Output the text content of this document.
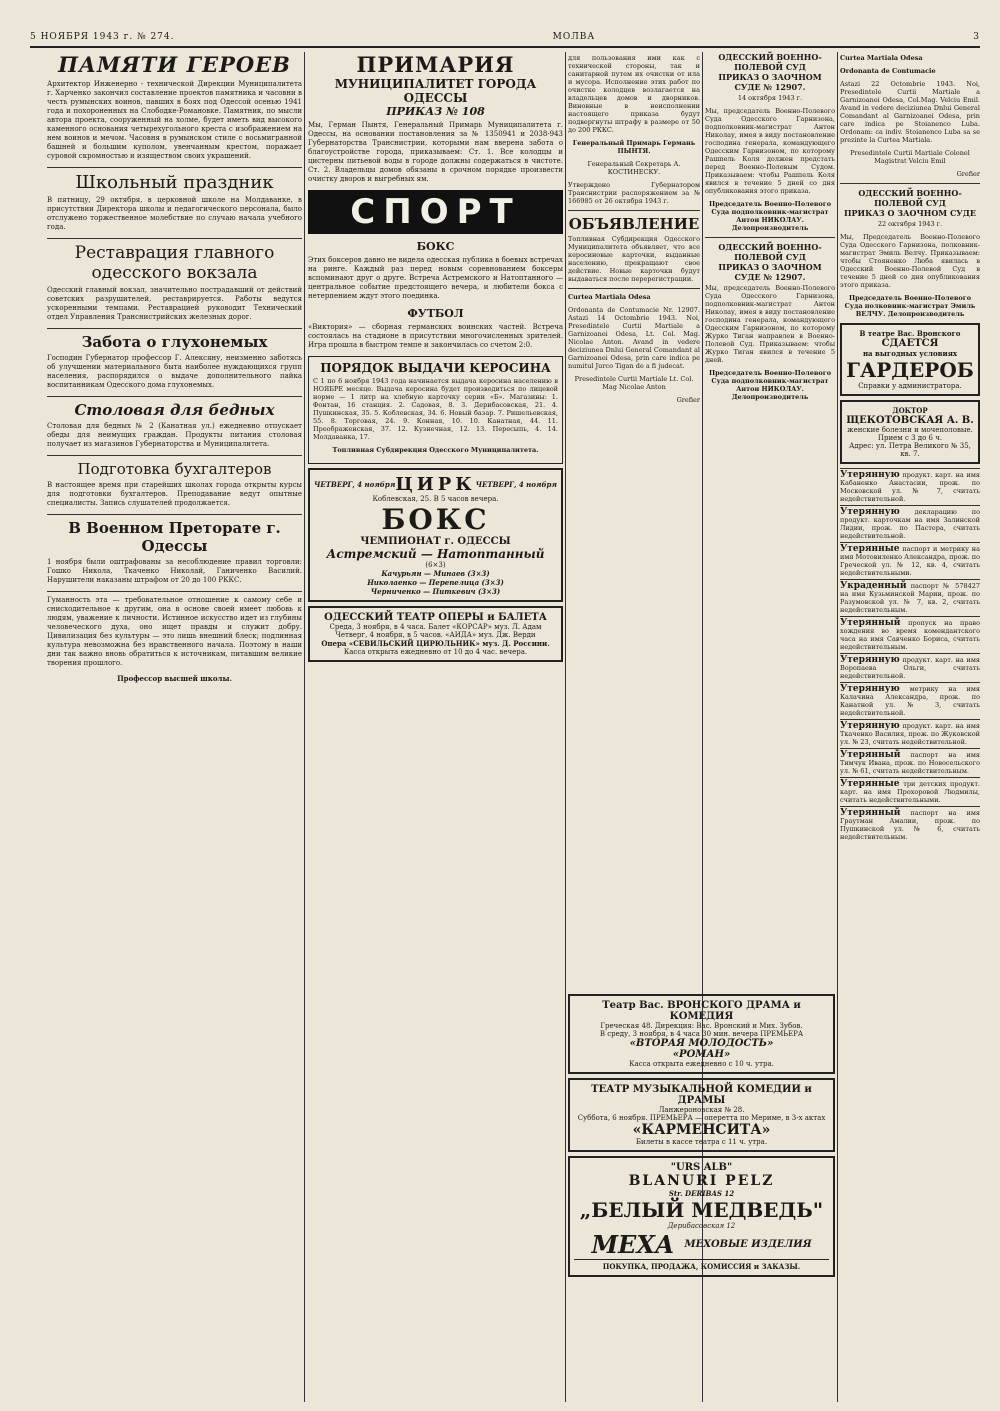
5 НОЯБРЯ 1943 г. № 274.	МОЛВА	3
ПАМЯТИ ГЕРОЕВ

Архитектор Инженерно - технической Дирекции Муниципалитета г. Харченко закончил составление проектов памятника и часовни в честь румынских воинов, павших в боях под Одессой осенью 1941 года и похороненных на Слободке-Романовке. Памятник, по мысли автора проекта, сооруженный на холме, будет иметь вид высокого каменного основания четырехугольного креста с изображением на нем воинов и мечом. Часовня в румынском стиле с восьмигранной башней и большим куполом, увенчанным крестом, поражает суровой скромностью и изяществом своих украшений.

Школьный праздник

В пятницу, 29 октября, в церковной школе на Молдаванке, в присутствии Директора школы и педагогического персонала, было отслужено торжественное молебствие по случаю начала учебного года.

Реставрация главного одесского вокзала

Одесский главный вокзал, значительно пострадавший от действий советских разрушителей, реставрируется. Работы ведутся ускоренными темпами. Реставрацией руководит Технический отдел Управления Транснистрийских железных дорог.

Забота о глухонемых

Господин Губернатор профессор Г. Алексяну, неизменно заботясь об улучшении материального быта наиболее нуждающихся групп населения, распорядился о выдаче дополнительного пайка воспитанникам Одесского дома глухонемых.

Столовая для бедных

Столовая для бедных № 2 (Канатная ул.) ежедневно отпускает обеды для неимущих граждан. Продукты питания столовая получает из магазинов Губернаторства и Муниципалитета.

Подготовка бухгалтеров

В настоящее время при старейших школах города открыты курсы для подготовки бухгалтеров. Преподавание ведут опытные специалисты. Запись слушателей продолжается.

В Военном Преторате г. Одессы

1 ноября были оштрафованы за несоблюдение правил торговли: Гошко Никола, Ткаченко Николай, Ганиченко Василий. Нарушители наказаны штрафом от 20 до 100 РККС.

Гуманность эта — требовательное отношение к самому себе и снисходительное к другим, она в основе своей имеет любовь к людям, уважение к личности. Истинное искусство идет из глубины человеческого духа, оно ищет правды и служит добру. Цивилизация без культуры — это лишь внешний блеск; подлинная культура невозможна без нравственного начала. Поэтому в наши дни так важно вновь обратиться к источникам, питавшим великие творения прошлого.

Профессор высшей школы.

ПРИМАРИЯ
МУНИЦИПАЛИТЕТ ГОРОДА ОДЕССЫ
ПРИКАЗ № 108

Мы, Герман Пынтя, Генеральный Примарь Муниципалитета г. Одессы, на основании постановления за № 1350941 и 2038-943 Губернаторства Транснистрии, которыми нам вверена забота о благоустройстве города, приказываем: Ст. 1. Все колодцы и цистерны питьевой воды в городе должны содержаться в чистоте. Ст. 2. Владельцы домов обязаны в срочном порядке произвести очистку дворов и выгребных ям.

СПОРТ
БОКС

Этих боксеров давно не видела одесская публика в боевых встречах на ринге. Каждый раз перед новым соревнованием боксеры вспоминают друг о друге. Встреча Астремского и Натоптанного — центральное событие предстоящего вечера, и любители бокса с нетерпением ждут этого поединка.

ФУТБОЛ

«Виктория» — сборная германских воинских частей. Встреча состоялась на стадионе в присутствии многочисленных зрителей. Игра прошла в быстром темпе и закончилась со счетом 2:0.

ПОРЯДОК ВЫДАЧИ КЕРОСИНА

С 1 по 6 ноября 1943 года начинается выдача керосина населению в НОЯБРЕ месяце. Выдача керосина будет производиться по лицевой норме — 1 литр на хлебную карточку серии «Б». Магазины: 1. Фонтан, 16 станция. 2. Садовая, 8. 3. Дерибасовская, 21. 4. Пушкинская, 35. 5. Коблевская, 34. 6. Новый базар. 7. Ришельевская, 55. 8. Торговая, 24. 9. Конная, 10. 10. Канатная, 44. 11. Преображенская, 37. 12. Кузнечная, 12. 13. Пересыпь, 4. 14. Молдаванка, 17.

Топливная Субдирекция Одесского Муниципалитета.

ЧЕТВЕРГ, 4 ноября ЦИРК ЧЕТВЕРГ, 4 ноября
Коблевская, 25. В 5 часов вечера.
БОКС
ЧЕМПИОНАТ г. ОДЕССЫ
Астремский — Натоптанный
(6×3)
Качурьян — Минаев (3×3)
Николаенко — Перепелица (3×3)
Черниченко — Питкевич (3×3)
ОДЕССКИЙ ТЕАТР ОПЕРЫ и БАЛЕТА
Среда, 3 ноября, в 4 часа. Балет «КОРСАР» муз. Л. Адам
Четверг, 4 ноября, в 5 часов. «АИДА» муз. Дж. Верди
Опера «СЕВИЛЬСКИЙ ЦИРЮЛЬНИК» муз. Д. Россини.
Касса открыта ежедневно от 10 до 4 час. вечера.

для пользования ими как с технической стороны, так и санитарной путем их очистки от ила и мусора. Исполнение этих работ по очистке колодцев возлагается на владельцев домов и дворников. Виновные в неисполнении настоящего приказа будут подвергнуты штрафу в размере от 50 до 200 РККС.

Генеральный Примарь Германь ПЫНТЯ.

Генеральный Секретарь А. КОСТИНЕСКУ.

Утверждено Губернатором Транснистрии распоряжением за № 166985 от 26 октября 1943 г.

ОБЪЯВЛЕНИЕ

Топливная Субдирекция Одесского Муниципалитета объявляет, что все керосиновые карточки, выданные населению, прекращают свое действие. Новые карточки будут выдаваться после перерегистрации.

Curtea Martiala Odesa

Ordonanța de Contumacie Nr. 12907. Astazi 14 Octombrie 1943. Noi, Presedintele Curtii Martiale a Garnizoanei Odesa, Lt. Col. Mag. Nicolae Anton. Avand in vedere deciziunea Dnlui General Comandant al Garnizoanei Odesa, prin care indica pe numitul Jurco Tigan de a fi judecat.

Presedintele Curtii Martiale Lt. Col. Mag Nicolae Anton

Grefier

ОДЕССКИЙ ВОЕННО-ПОЛЕВОЙ СУД
ПРИКАЗ О ЗАОЧНОМ СУДЕ № 12907.

14 октября 1943 г.

Мы, председатель Военно-Полевого Суда Одесского Гарнизона, подполковник-магистрат Антон Николау, имея в виду постановление господина генерала, командующего Одесским Гарнизоном, по которому Рашпель Коля должен предстать перед Военно-Полевым Судом. Приказываем: чтобы Рашпель Коля явился в течение 5 дней со дня опубликования этого приказа.

Председатель Военно-Полевого Суда подполковник-магистрат Антон НИКОЛАУ. Делопроизводитель

ОДЕССКИЙ ВОЕННО-ПОЛЕВОЙ СУД
ПРИКАЗ О ЗАОЧНОМ СУДЕ № 12907.

Мы, председатель Военно-Полевого Суда Одесского Гарнизона, подполковник-магистрат Антон Николау, имея в виду постановление господина генерала, командующего Одесским Гарнизоном, по которому Журко Тиган направлен в Военно-Полевой Суд. Приказываем: чтобы Журко Тиган явился в течение 5 дней.

Председатель Военно-Полевого Суда подполковник-магистрат Антон НИКОЛАУ. Делопроизводитель

Curtea Martiala Odesa

Ordonanta de Contumacie

Astazi 22 Octombrie 1943. Noi, Presedintele Curtii Martiale a Garnizoanei Odesa, Col.Mag. Velciu Emil. Avand in vedere deciziunea Dnlui General Comandant al Garnizoanei Odesa, prin care indica pe Stoianenco Luba. Ordonam: ca indiv. Stoianenco Luba sa se prezinte la Curtea Martiala.

Presedintele Curtii Martiale Colonel Magistrat Velciu Emil

Grefier

ОДЕССКИЙ ВОЕННО-ПОЛЕВОЙ СУД
ПРИКАЗ О ЗАОЧНОМ СУДЕ

22 октября 1943 г.

Мы, Председатель Военно-Полевого Суда Одесского Гарнизона, полковник-магистрат Эмиль Велчу. Приказываем: чтобы Стояненко Люба явилась в Одесский Военно-Полевой Суд в течение 5 дней со дня опубликования этого приказа.

Председатель Военно-Полевого Суда полковник-магистрат Эмиль ВЕЛЧУ. Делопроизводитель

В театре Вас. Вронского
СДАЕТСЯ
на выгодных условиях
ГАРДЕРОБ
Справки у администратора.
ДОКТОР
ЩЕКОТОВСКАЯ А. В.
женские болезни и мочеполовые. Прием с 3 до 6 ч.
Адрес: ул. Петра Великого № 35, кв. 7.
Утерянную продукт. карт. на имя Кабаненко Анастасии, прож. по Московской ул. № 7, считать недействительной.
Утерянную декларацию по продукт. карточкам на имя Залинской Лидии, прож. по Пастера, считать недействительной.
Утерянные паспорт и метрику на имя Мотовиленко Александра, прож. по Греческой ул. № 12, кв. 4, считать недействительными.
Украденный паспорт № 578427 на имя Кузьминской Марии, прож. по Разумовской ул. № 7, кв. 2, считать недействительным.
Утерянный пропуск на право хождения во время комендантского часа на имя Савченко Бориса, считать недействительным.
Утерянную продукт. карт. на имя Воропаева Ольги, считать недействительной.
Утерянную метрику на имя Калачина Александра, прож. по Канатной ул. № 3, считать недействительной.
Утерянную продукт. карт. на имя Ткаченко Василия, прож. по Жуковской ул. № 23, считать недействительной.
Утерянный паспорт на имя Тимчук Ивана, прож. по Новосельского ул. № 61, считать недействительным.
Утерянные три детских продукт. карт. на имя Прохоровой Людмилы, считать недействительными.
Утерянный паспорт на имя Граутман Амалии, прож. по Пушкинской ул. № 6, считать недействительным.
Театр Вас. ВРОНСКОГО ДРАМА и КОМЕДИЯ
Греческая 48. Дирекция: Вас. Вронский и Мих. Зубов.
В среду, 3 ноября, в 4 часа 30 мин. вечера ПРЕМЬЕРА
«ВТОРАЯ МОЛОДОСТЬ»
«РОМАН»
Касса открыта ежедневно с 10 ч. утра.
ТЕАТР МУЗЫКАЛЬНОЙ КОМЕДИИ и ДРАМЫ
Ланжероновская № 28.
Суббота, 6 ноября. ПРЕМЬЕРА — оперетта по Мериме, в 3-х актах
«КАРМЕНСИТА»
Билеты в кассе театра с 11 ч. утра.
"URS ALB"
BLANURI PELZ
Str. DERIBAS 12
„БЕЛЫЙ МЕДВЕДЬ"
Дерибасовская 12
МЕХА МЕХОВЫЕ ИЗДЕЛИЯ
ПОКУПКА, ПРОДАЖА, КОМИССИЯ и ЗАКАЗЫ.
